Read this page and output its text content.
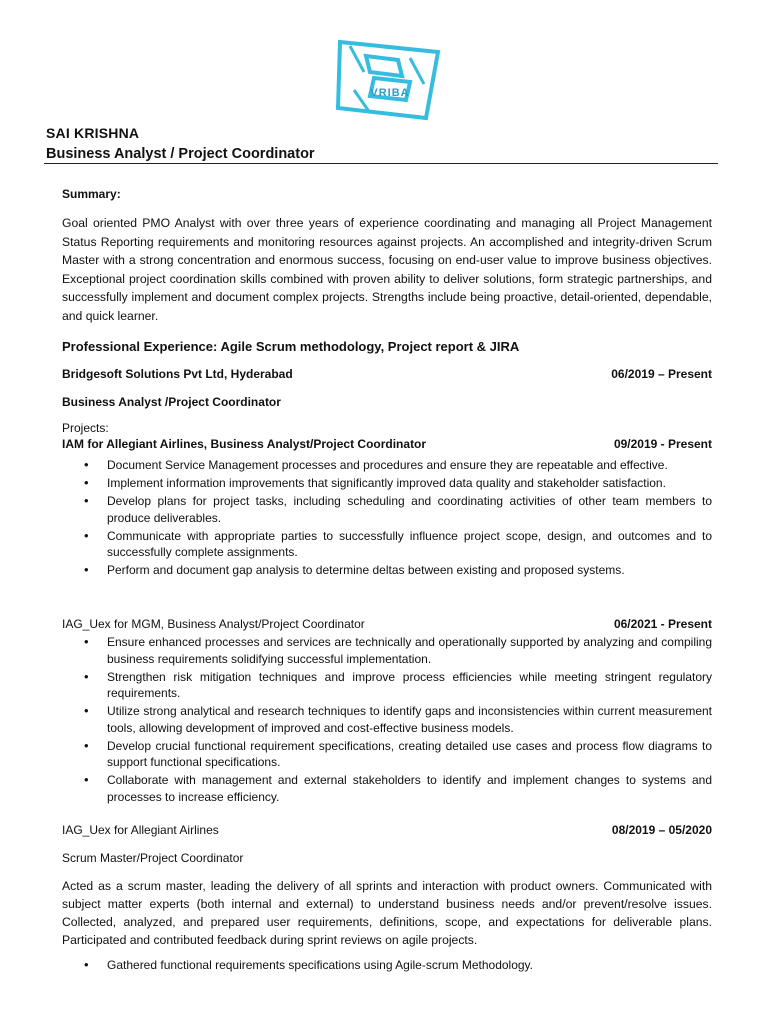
VRIBA
SAI KRISHNA
Business Analyst / Project Coordinator
Summary:
Goal oriented PMO Analyst with over three years of experience coordinating and managing all Project Management Status Reporting requirements and monitoring resources against projects. An accomplished and integrity-driven Scrum Master with a strong concentration and enormous success, focusing on end-user value to improve business objectives. Exceptional project coordination skills combined with proven ability to deliver solutions, form strategic partnerships, and successfully implement and document complex projects. Strengths include being proactive, detail-oriented, dependable, and quick learner.
Professional Experience: Agile Scrum methodology, Project report & JIRA
Bridgesoft Solutions Pvt Ltd, Hyderabad	06/2019 – Present
Business Analyst /Project Coordinator
Projects:
IAM for Allegiant Airlines, Business Analyst/Project Coordinator	09/2019 - Present
• Document Service Management processes and procedures and ensure they are repeatable and effective.
• Implement information improvements that significantly improved data quality and stakeholder satisfaction.
• Develop plans for project tasks, including scheduling and coordinating activities of other team members to produce deliverables.
• Communicate with appropriate parties to successfully influence project scope, design, and outcomes and to successfully complete assignments.
• Perform and document gap analysis to determine deltas between existing and proposed systems.
IAG_Uex for MGM, Business Analyst/Project Coordinator	06/2021 - Present
• Ensure enhanced processes and services are technically and operationally supported by analyzing and compiling business requirements solidifying successful implementation.
• Strengthen risk mitigation techniques and improve process efficiencies while meeting stringent regulatory requirements.
• Utilize strong analytical and research techniques to identify gaps and inconsistencies within current measurement tools, allowing development of improved and cost-effective business models.
• Develop crucial functional requirement specifications, creating detailed use cases and process flow diagrams to support functional specifications.
• Collaborate with management and external stakeholders to identify and implement changes to systems and processes to increase efficiency.
IAG_Uex for Allegiant Airlines	08/2019 – 05/2020
Scrum Master/Project Coordinator
Acted as a scrum master, leading the delivery of all sprints and interaction with product owners. Communicated with subject matter experts (both internal and external) to understand business needs and/or prevent/resolve issues. Collected, analyzed, and prepared user requirements, definitions, scope, and expectations for deliverable plans. Participated and contributed feedback during sprint reviews on agile projects.
• Gathered functional requirements specifications using Agile-scrum Methodology.
